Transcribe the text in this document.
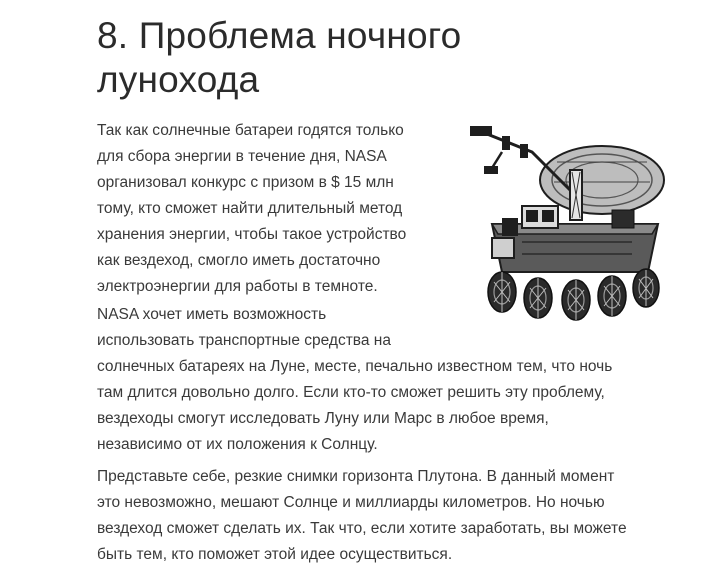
8. Проблема ночного
лунохода

Так как солнечные батареи годятся только
для сбора энергии в течение дня, NASA
организовал конкурс с призом в $ 15 млн
тому, кто сможет найти длительный метод
хранения энергии, чтобы такое устройство
как вездеход, смогло иметь достаточно
электроэнергии для работы в темноте.

NASA хочет иметь возможность
использовать транспортные средства на
солнечных батареях на Луне, месте, печально известном тем, что ночь
там длится довольно долго. Если кто-то сможет решить эту проблему,
вездеходы смогут исследовать Луну или Марс в любое время,
независимо от их положения к Солнцу.

Представьте себе, резкие снимки горизонта Плутона. В данный момент
это невозможно, мешают Солнце и миллиарды километров. Но ночью
вездеход сможет сделать их. Так что, если хотите заработать, вы можете
быть тем, кто поможет этой идее осуществиться.
